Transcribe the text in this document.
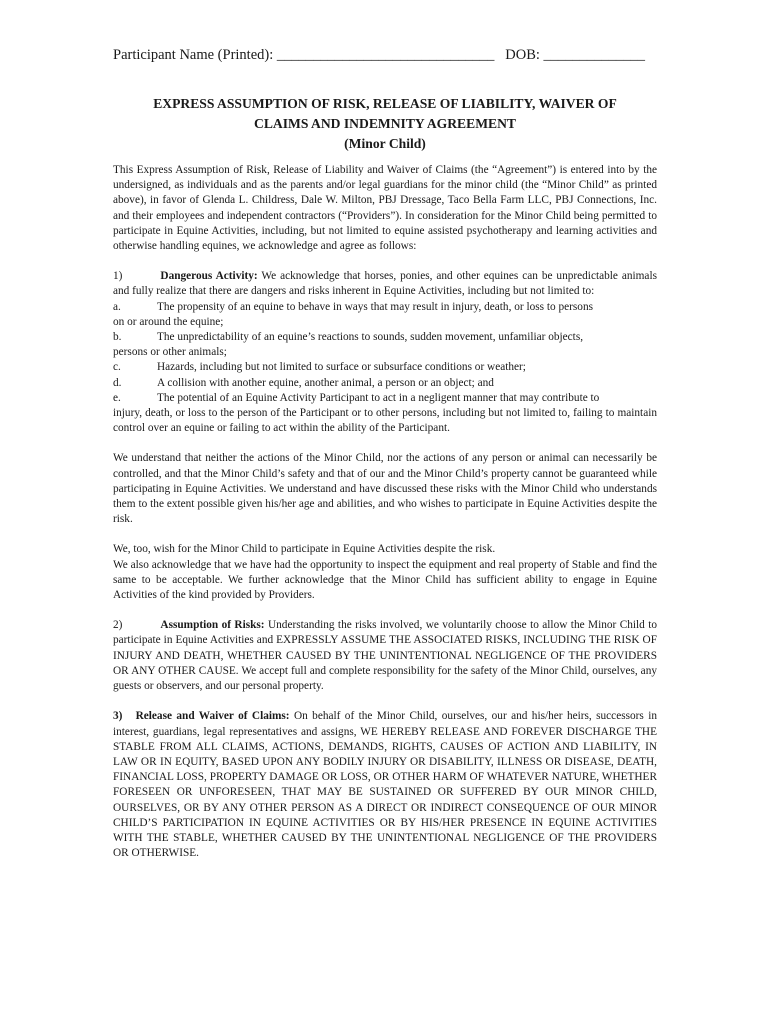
Participant Name (Printed): ______________________________   DOB: ______________
EXPRESS ASSUMPTION OF RISK, RELEASE OF LIABILITY, WAIVER OF
CLAIMS AND INDEMNITY AGREEMENT
(Minor Child)

This Express Assumption of Risk, Release of Liability and Waiver of Claims (the “Agreement”) is entered into by the undersigned, as individuals and as the parents and/or legal guardians for the minor child (the “Minor Child” as printed above), in favor of Glenda L. Childress, Dale W. Milton, PBJ Dressage, Taco Bella Farm LLC, PBJ Connections, Inc. and their employees and independent contractors (“Providers”). In consideration for the Minor Child being permitted to participate in Equine Activities, including, but not limited to equine assisted psychotherapy and learning activities and otherwise handling equines, we acknowledge and agree as follows:

1)	Dangerous Activity: We acknowledge that horses, ponies, and other equines can be unpredictable animals and fully realize that there are dangers and risks inherent in Equine Activities, including but not limited to:

a.	The propensity of an equine to behave in ways that may result in injury, death, or loss to persons
on or around the equine;
b.	The unpredictability of an equine’s reactions to sounds, sudden movement, unfamiliar objects,
persons or other animals;
c.	Hazards, including but not limited to surface or subsurface conditions or weather;
d.	A collision with another equine, another animal, a person or an object; and
e.	The potential of an Equine Activity Participant to act in a negligent manner that may contribute to
injury, death, or loss to the person of the Participant or to other persons, including but not limited to, failing to maintain control over an equine or failing to act within the ability of the Participant.

We understand that neither the actions of the Minor Child, nor the actions of any person or animal can necessarily be controlled, and that the Minor Child’s safety and that of our and the Minor Child’s property cannot be guaranteed while participating in Equine Activities. We understand and have discussed these risks with the Minor Child who understands them to the extent possible given his/her age and abilities, and who wishes to participate in Equine Activities despite the risk.

We, too, wish for the Minor Child to participate in Equine Activities despite the risk.

We also acknowledge that we have had the opportunity to inspect the equipment and real property of Stable and find the same to be acceptable. We further acknowledge that the Minor Child has sufficient ability to engage in Equine Activities of the kind provided by Providers.

2)	Assumption of Risks: Understanding the risks involved, we voluntarily choose to allow the Minor Child to participate in Equine Activities and EXPRESSLY ASSUME THE ASSOCIATED RISKS, INCLUDING THE RISK OF INJURY AND DEATH, WHETHER CAUSED BY THE UNINTENTIONAL NEGLIGENCE OF THE PROVIDERS OR ANY OTHER CAUSE. We accept full and complete responsibility for the safety of the Minor Child, ourselves, any guests or observers, and our personal property.

3) Release and Waiver of Claims: On behalf of the Minor Child, ourselves, our and his/her heirs, successors in interest, guardians, legal representatives and assigns, WE HEREBY RELEASE AND FOREVER DISCHARGE THE STABLE FROM ALL CLAIMS, ACTIONS, DEMANDS, RIGHTS, CAUSES OF ACTION AND LIABILITY, IN LAW OR IN EQUITY, BASED UPON ANY BODILY INJURY OR DISABILITY, ILLNESS OR DISEASE, DEATH, FINANCIAL LOSS, PROPERTY DAMAGE OR LOSS, OR OTHER HARM OF WHATEVER NATURE, WHETHER FORESEEN OR UNFORESEEN, THAT MAY BE SUSTAINED OR SUFFERED BY OUR MINOR CHILD, OURSELVES, OR BY ANY OTHER PERSON AS A DIRECT OR INDIRECT CONSEQUENCE OF OUR MINOR CHILD’S PARTICIPATION IN EQUINE ACTIVITIES OR BY HIS/HER PRESENCE IN EQUINE ACTIVITIES WITH THE STABLE, WHETHER CAUSED BY THE UNINTENTIONAL NEGLIGENCE OF THE PROVIDERS OR OTHERWISE.
